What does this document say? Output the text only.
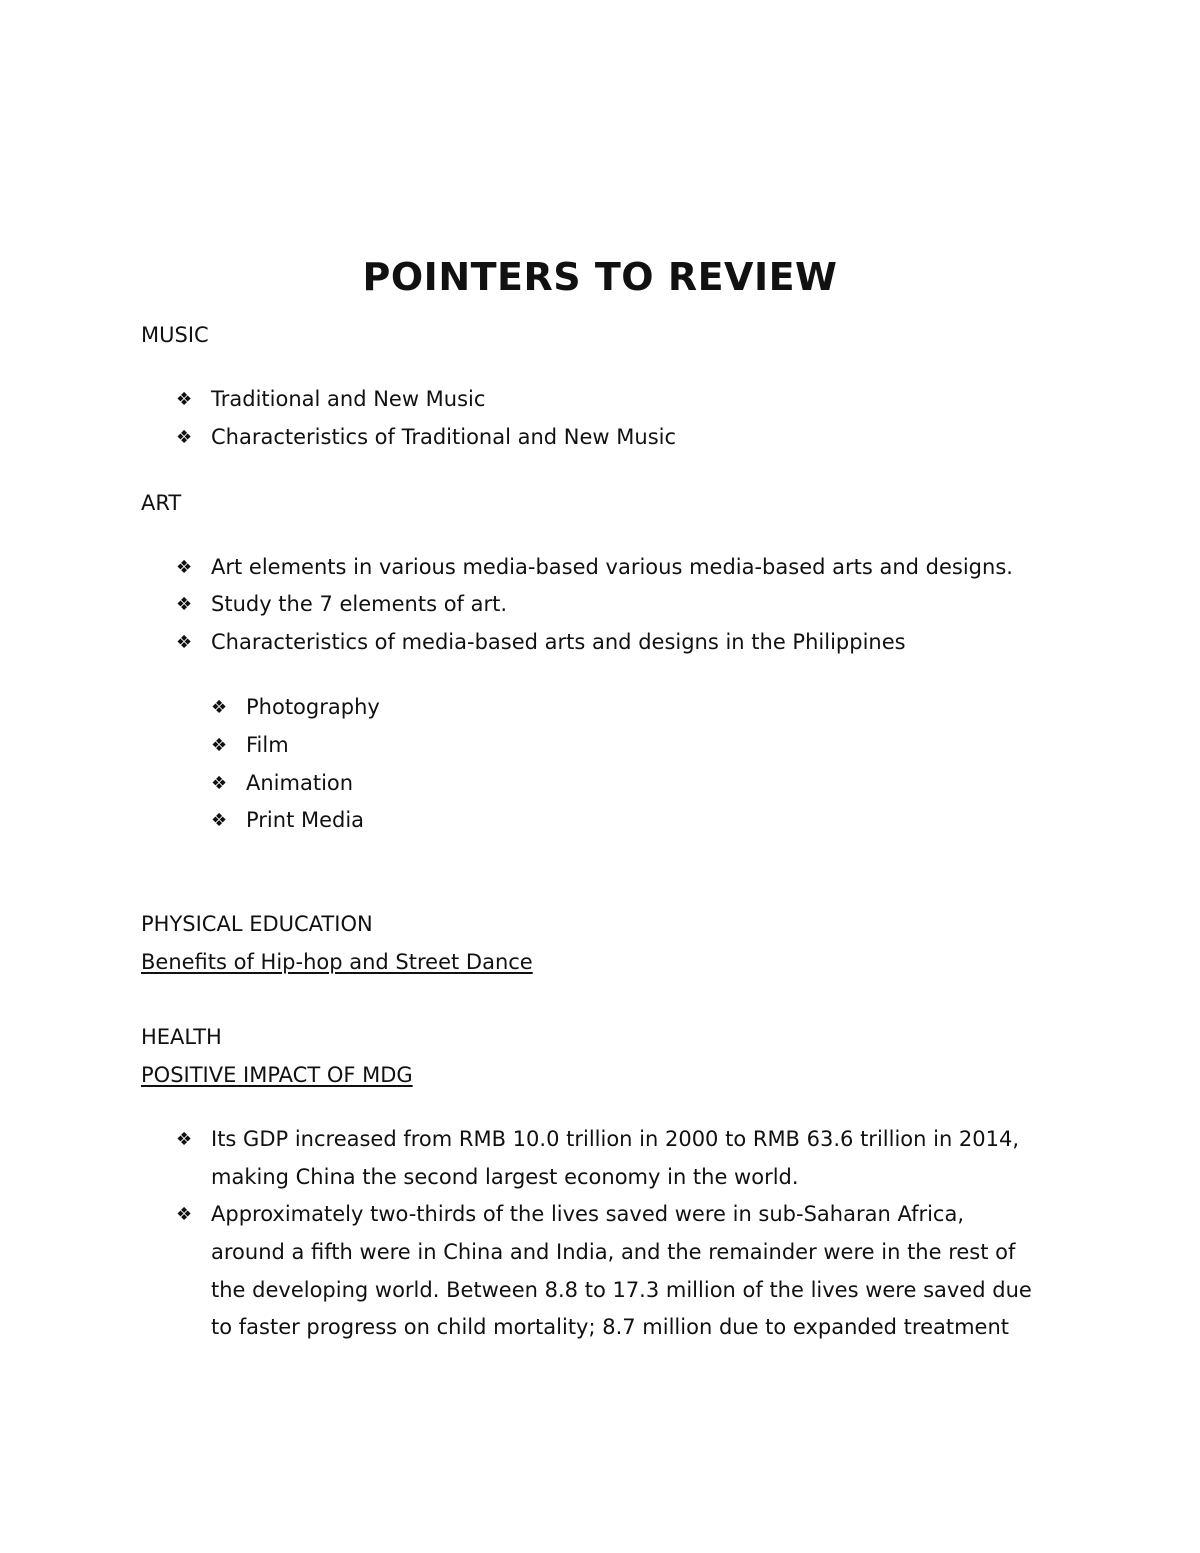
POINTERS TO REVIEW
MUSIC
❖ Traditional and New Music
❖ Characteristics of Traditional and New Music
ART
❖ Art elements in various media-based various media-based arts and designs.
❖ Study the 7 elements of art.
❖ Characteristics of media-based arts and designs in the Philippines
❖ Photography
❖ Film
❖ Animation
❖ Print Media
PHYSICAL EDUCATION
Benefits of Hip-hop and Street Dance
HEALTH
POSITIVE IMPACT OF MDG
❖ Its GDP increased from RMB 10.0 trillion in 2000 to RMB 63.6 trillion in 2014,
making China the second largest economy in the world.
❖ Approximately two-thirds of the lives saved were in sub-Saharan Africa,
around a fifth were in China and India, and the remainder were in the rest of
the developing world. Between 8.8 to 17.3 million of the lives were saved due
to faster progress on child mortality; 8.7 million due to expanded treatment
